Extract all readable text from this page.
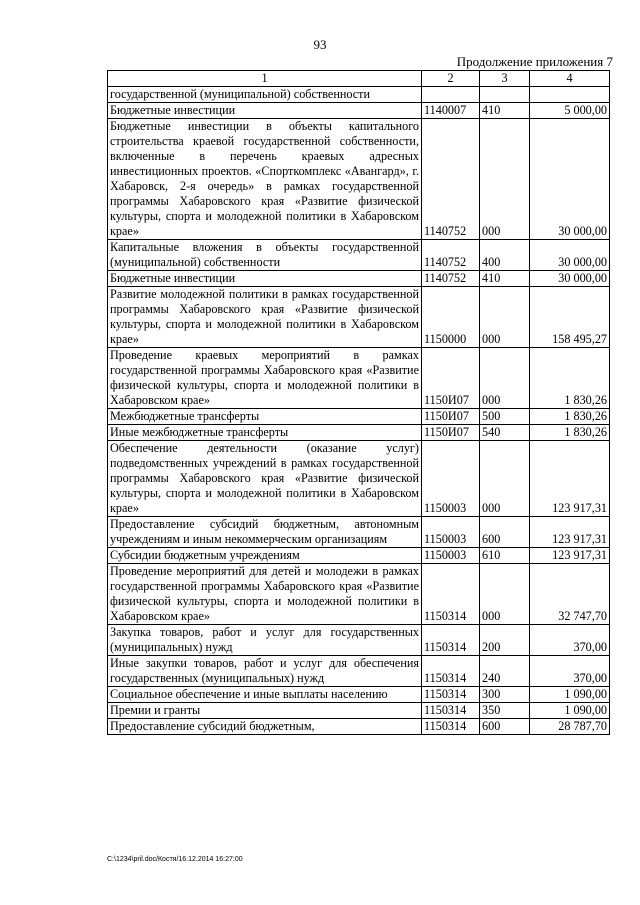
93
Продолжение приложения 7
1	2	3	4
государственной (муниципальной) собственности			
Бюджетные инвестиции	1140007	410	5 000,00
Бюджетные инвестиции в объекты капитального строительства краевой государственной собственности, включенные в перечень краевых адресных инвестиционных проектов. «Спорткомплекс «Авангард», г. Хабаровск, 2-я очередь» в рамках государственной программы Хабаровского края «Развитие физической культуры, спорта и молодежной политики в Хабаровском крае»	1140752	000	30 000,00
Капитальные вложения в объекты государственной (муниципальной) собственности	1140752	400	30 000,00
Бюджетные инвестиции	1140752	410	30 000,00
Развитие молодежной политики в рамках государственной программы Хабаровского края «Развитие физической культуры, спорта и молодежной политики в Хабаровском крае»	1150000	000	158 495,27
Проведение краевых мероприятий в рамках государственной программы Хабаровского края «Развитие физической культуры, спорта и молодежной политики в Хабаровском крае»	1150И07	000	1 830,26
Межбюджетные трансферты	1150И07	500	1 830,26
Иные межбюджетные трансферты	1150И07	540	1 830,26
Обеспечение деятельности (оказание услуг) подведомственных учреждений в рамках государственной программы Хабаровского края «Развитие физической культуры, спорта и молодежной политики в Хабаровском крае»	1150003	000	123 917,31
Предоставление субсидий бюджетным, автономным учреждениям и иным некоммерческим организациям	1150003	600	123 917,31
Субсидии бюджетным учреждениям	1150003	610	123 917,31
Проведение мероприятий для детей и молодежи в рамках государственной программы Хабаровского края «Развитие физической культуры, спорта и молодежной политики в Хабаровском крае»	1150314	000	32 747,70
Закупка товаров, работ и услуг для государственных (муниципальных) нужд	1150314	200	370,00
Иные закупки товаров, работ и услуг для обеспечения государственных (муниципальных) нужд	1150314	240	370,00
Социальное обеспечение и иные выплаты населению	1150314	300	1 090,00
Премии и гранты	1150314	350	1 090,00
Предоставление субсидий бюджетным,	1150314	600	28 787,70
C:\1234\pril.doc/Костя/16.12.2014 16:27:00
